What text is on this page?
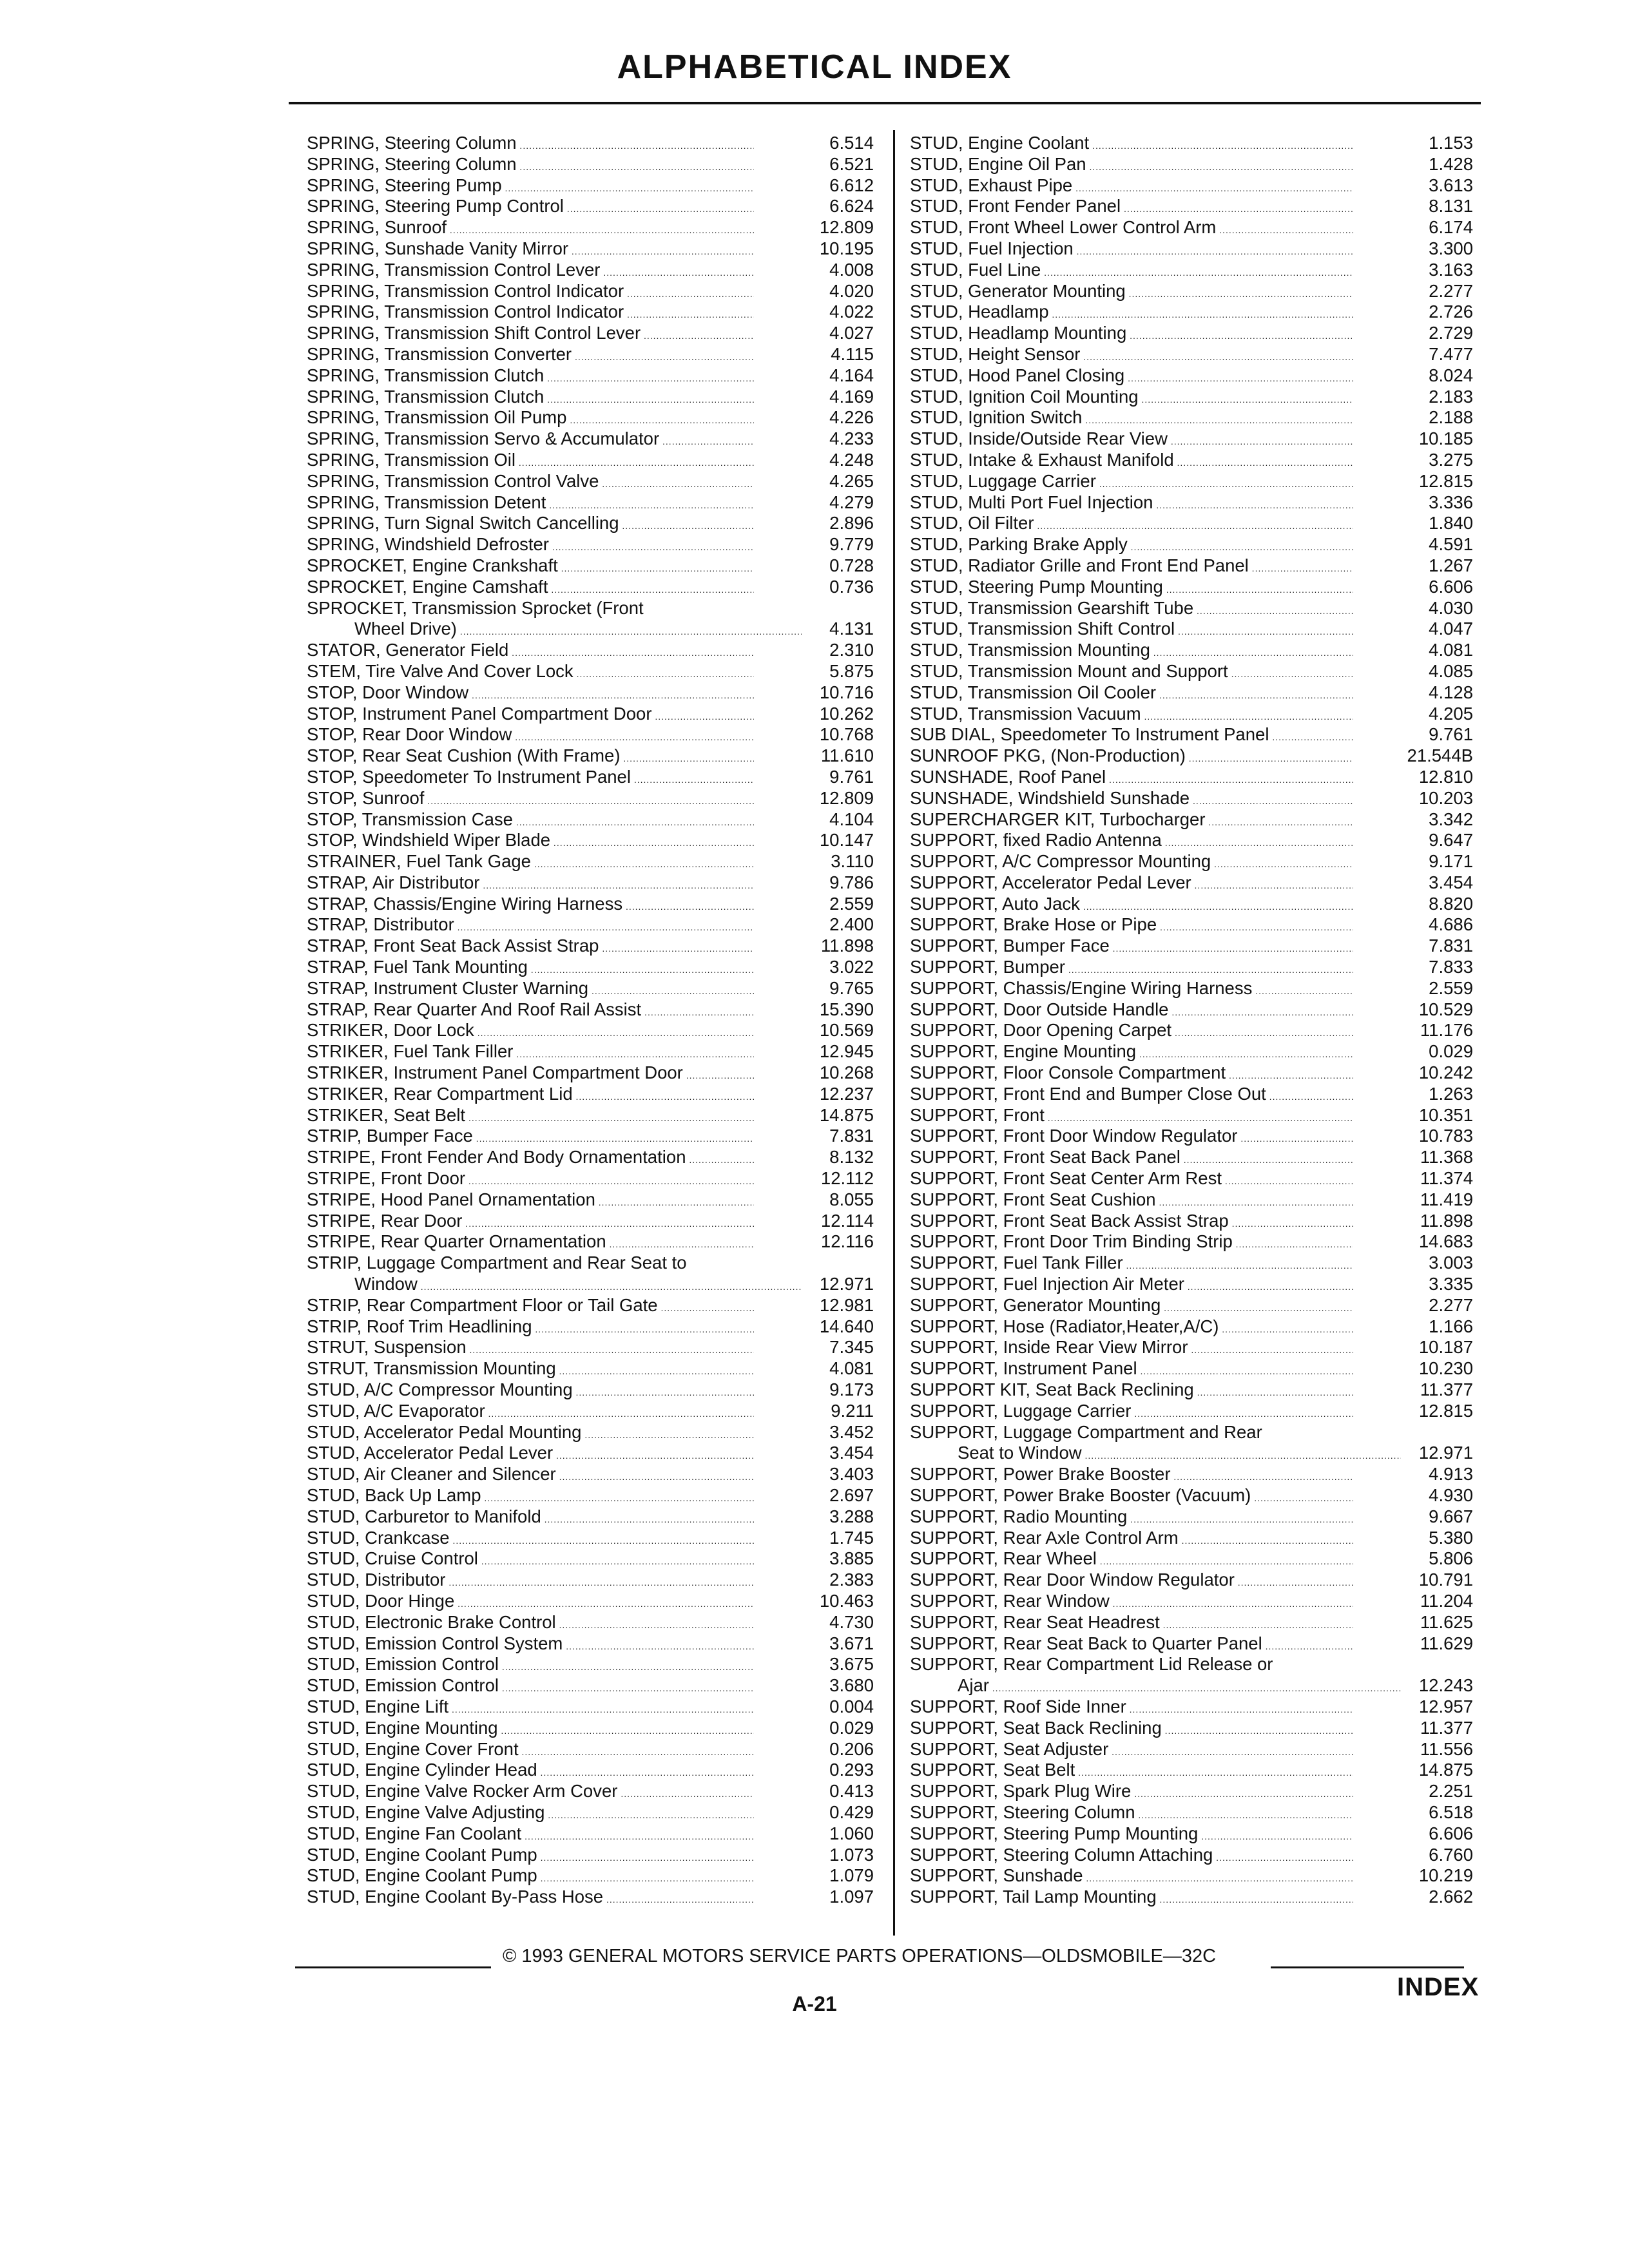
ALPHABETICAL INDEX
SPRING, Steering Column .....	6.514
SPRING, Steering Column .....	6.521
SPRING, Steering Pump .....	6.612
SPRING, Steering Pump Control .....	6.624
SPRING, Sunroof .....	12.809
SPRING, Sunshade Vanity Mirror .....	10.195
SPRING, Transmission Control Lever .....	4.008
SPRING, Transmission Control Indicator .....	4.020
SPRING, Transmission Control Indicator .....	4.022
SPRING, Transmission Shift Control Lever .....	4.027
SPRING, Transmission Converter .....	4.115
SPRING, Transmission Clutch .....	4.164
SPRING, Transmission Clutch .....	4.169
SPRING, Transmission Oil Pump .....	4.226
SPRING, Transmission Servo & Accumulator .....	4.233
SPRING, Transmission Oil .....	4.248
SPRING, Transmission Control Valve .....	4.265
SPRING, Transmission Detent .....	4.279
SPRING, Turn Signal Switch Cancelling .....	2.896
SPRING, Windshield Defroster .....	9.779
SPROCKET, Engine Crankshaft .....	0.728
SPROCKET, Engine Camshaft .....	0.736
SPROCKET, Transmission Sprocket (Front
Wheel Drive) .....	4.131
STATOR, Generator Field .....	2.310
STEM, Tire Valve And Cover Lock .....	5.875
STOP, Door Window .....	10.716
STOP, Instrument Panel Compartment Door .....	10.262
STOP, Rear Door Window .....	10.768
STOP, Rear Seat Cushion (With Frame) .....	11.610
STOP, Speedometer To Instrument Panel .....	9.761
STOP, Sunroof .....	12.809
STOP, Transmission Case .....	4.104
STOP, Windshield Wiper Blade .....	10.147
STRAINER, Fuel Tank Gage .....	3.110
STRAP, Air Distributor .....	9.786
STRAP, Chassis/Engine Wiring Harness .....	2.559
STRAP, Distributor .....	2.400
STRAP, Front Seat Back Assist Strap .....	11.898
STRAP, Fuel Tank Mounting .....	3.022
STRAP, Instrument Cluster Warning .....	9.765
STRAP, Rear Quarter And Roof Rail Assist .....	15.390
STRIKER, Door Lock .....	10.569
STRIKER, Fuel Tank Filler .....	12.945
STRIKER, Instrument Panel Compartment Door .....	10.268
STRIKER, Rear Compartment Lid .....	12.237
STRIKER, Seat Belt .....	14.875
STRIP, Bumper Face .....	7.831
STRIPE, Front Fender And Body Ornamentation .....	8.132
STRIPE, Front Door .....	12.112
STRIPE, Hood Panel Ornamentation .....	8.055
STRIPE, Rear Door .....	12.114
STRIPE, Rear Quarter Ornamentation .....	12.116
STRIP, Luggage Compartment and Rear Seat to
Window .....	12.971
STRIP, Rear Compartment Floor or Tail Gate .....	12.981
STRIP, Roof Trim Headlining .....	14.640
STRUT, Suspension .....	7.345
STRUT, Transmission Mounting .....	4.081
STUD, A/C Compressor Mounting .....	9.173
STUD, A/C Evaporator .....	9.211
STUD, Accelerator Pedal Mounting .....	3.452
STUD, Accelerator Pedal Lever .....	3.454
STUD, Air Cleaner and Silencer .....	3.403
STUD, Back Up Lamp .....	2.697
STUD, Carburetor to Manifold .....	3.288
STUD, Crankcase .....	1.745
STUD, Cruise Control .....	3.885
STUD, Distributor .....	2.383
STUD, Door Hinge .....	10.463
STUD, Electronic Brake Control .....	4.730
STUD, Emission Control System .....	3.671
STUD, Emission Control .....	3.675
STUD, Emission Control .....	3.680
STUD, Engine Lift .....	0.004
STUD, Engine Mounting .....	0.029
STUD, Engine Cover Front .....	0.206
STUD, Engine Cylinder Head .....	0.293
STUD, Engine Valve Rocker Arm Cover .....	0.413
STUD, Engine Valve Adjusting .....	0.429
STUD, Engine Fan Coolant .....	1.060
STUD, Engine Coolant Pump .....	1.073
STUD, Engine Coolant Pump .....	1.079
STUD, Engine Coolant By-Pass Hose .....	1.097
STUD, Engine Coolant .....	1.153
STUD, Engine Oil Pan .....	1.428
STUD, Exhaust Pipe .....	3.613
STUD, Front Fender Panel .....	8.131
STUD, Front Wheel Lower Control Arm .....	6.174
STUD, Fuel Injection .....	3.300
STUD, Fuel Line .....	3.163
STUD, Generator Mounting .....	2.277
STUD, Headlamp .....	2.726
STUD, Headlamp Mounting .....	2.729
STUD, Height Sensor .....	7.477
STUD, Hood Panel Closing .....	8.024
STUD, Ignition Coil Mounting .....	2.183
STUD, Ignition Switch .....	2.188
STUD, Inside/Outside Rear View .....	10.185
STUD, Intake & Exhaust Manifold .....	3.275
STUD, Luggage Carrier .....	12.815
STUD, Multi Port Fuel Injection .....	3.336
STUD, Oil Filter .....	1.840
STUD, Parking Brake Apply .....	4.591
STUD, Radiator Grille and Front End Panel .....	1.267
STUD, Steering Pump Mounting .....	6.606
STUD, Transmission Gearshift Tube .....	4.030
STUD, Transmission Shift Control .....	4.047
STUD, Transmission Mounting .....	4.081
STUD, Transmission Mount and Support .....	4.085
STUD, Transmission Oil Cooler .....	4.128
STUD, Transmission Vacuum .....	4.205
SUB DIAL, Speedometer To Instrument Panel .....	9.761
SUNROOF PKG, (Non-Production) .....	21.544B
SUNSHADE, Roof Panel .....	12.810
SUNSHADE, Windshield Sunshade .....	10.203
SUPERCHARGER KIT, Turbocharger .....	3.342
SUPPORT, fixed Radio Antenna .....	9.647
SUPPORT, A/C Compressor Mounting .....	9.171
SUPPORT, Accelerator Pedal Lever .....	3.454
SUPPORT, Auto Jack .....	8.820
SUPPORT, Brake Hose or Pipe .....	4.686
SUPPORT, Bumper Face .....	7.831
SUPPORT, Bumper .....	7.833
SUPPORT, Chassis/Engine Wiring Harness .....	2.559
SUPPORT, Door Outside Handle .....	10.529
SUPPORT, Door Opening Carpet .....	11.176
SUPPORT, Engine Mounting .....	0.029
SUPPORT, Floor Console Compartment .....	10.242
SUPPORT, Front End and Bumper Close Out .....	1.263
SUPPORT, Front .....	10.351
SUPPORT, Front Door Window Regulator .....	10.783
SUPPORT, Front Seat Back Panel .....	11.368
SUPPORT, Front Seat Center Arm Rest .....	11.374
SUPPORT, Front Seat Cushion .....	11.419
SUPPORT, Front Seat Back Assist Strap .....	11.898
SUPPORT, Front Door Trim Binding Strip .....	14.683
SUPPORT, Fuel Tank Filler .....	3.003
SUPPORT, Fuel Injection Air Meter .....	3.335
SUPPORT, Generator Mounting .....	2.277
SUPPORT, Hose (Radiator,Heater,A/C) .....	1.166
SUPPORT, Inside Rear View Mirror .....	10.187
SUPPORT, Instrument Panel .....	10.230
SUPPORT KIT, Seat Back Reclining .....	11.377
SUPPORT, Luggage Carrier .....	12.815
SUPPORT, Luggage Compartment and Rear
Seat to Window .....	12.971
SUPPORT, Power Brake Booster .....	4.913
SUPPORT, Power Brake Booster (Vacuum) .....	4.930
SUPPORT, Radio Mounting .....	9.667
SUPPORT, Rear Axle Control Arm .....	5.380
SUPPORT, Rear Wheel .....	5.806
SUPPORT, Rear Door Window Regulator .....	10.791
SUPPORT, Rear Window .....	11.204
SUPPORT, Rear Seat Headrest .....	11.625
SUPPORT, Rear Seat Back to Quarter Panel .....	11.629
SUPPORT, Rear Compartment Lid Release or
Ajar .....	12.243
SUPPORT, Roof Side Inner .....	12.957
SUPPORT, Seat Back Reclining .....	11.377
SUPPORT, Seat Adjuster .....	11.556
SUPPORT, Seat Belt .....	14.875
SUPPORT, Spark Plug Wire .....	2.251
SUPPORT, Steering Column .....	6.518
SUPPORT, Steering Pump Mounting .....	6.606
SUPPORT, Steering Column Attaching .....	6.760
SUPPORT, Sunshade .....	10.219
SUPPORT, Tail Lamp Mounting .....	2.662
© 1993 GENERAL MOTORS SERVICE PARTS OPERATIONS—OLDSMOBILE—32C
A-21
INDEX
